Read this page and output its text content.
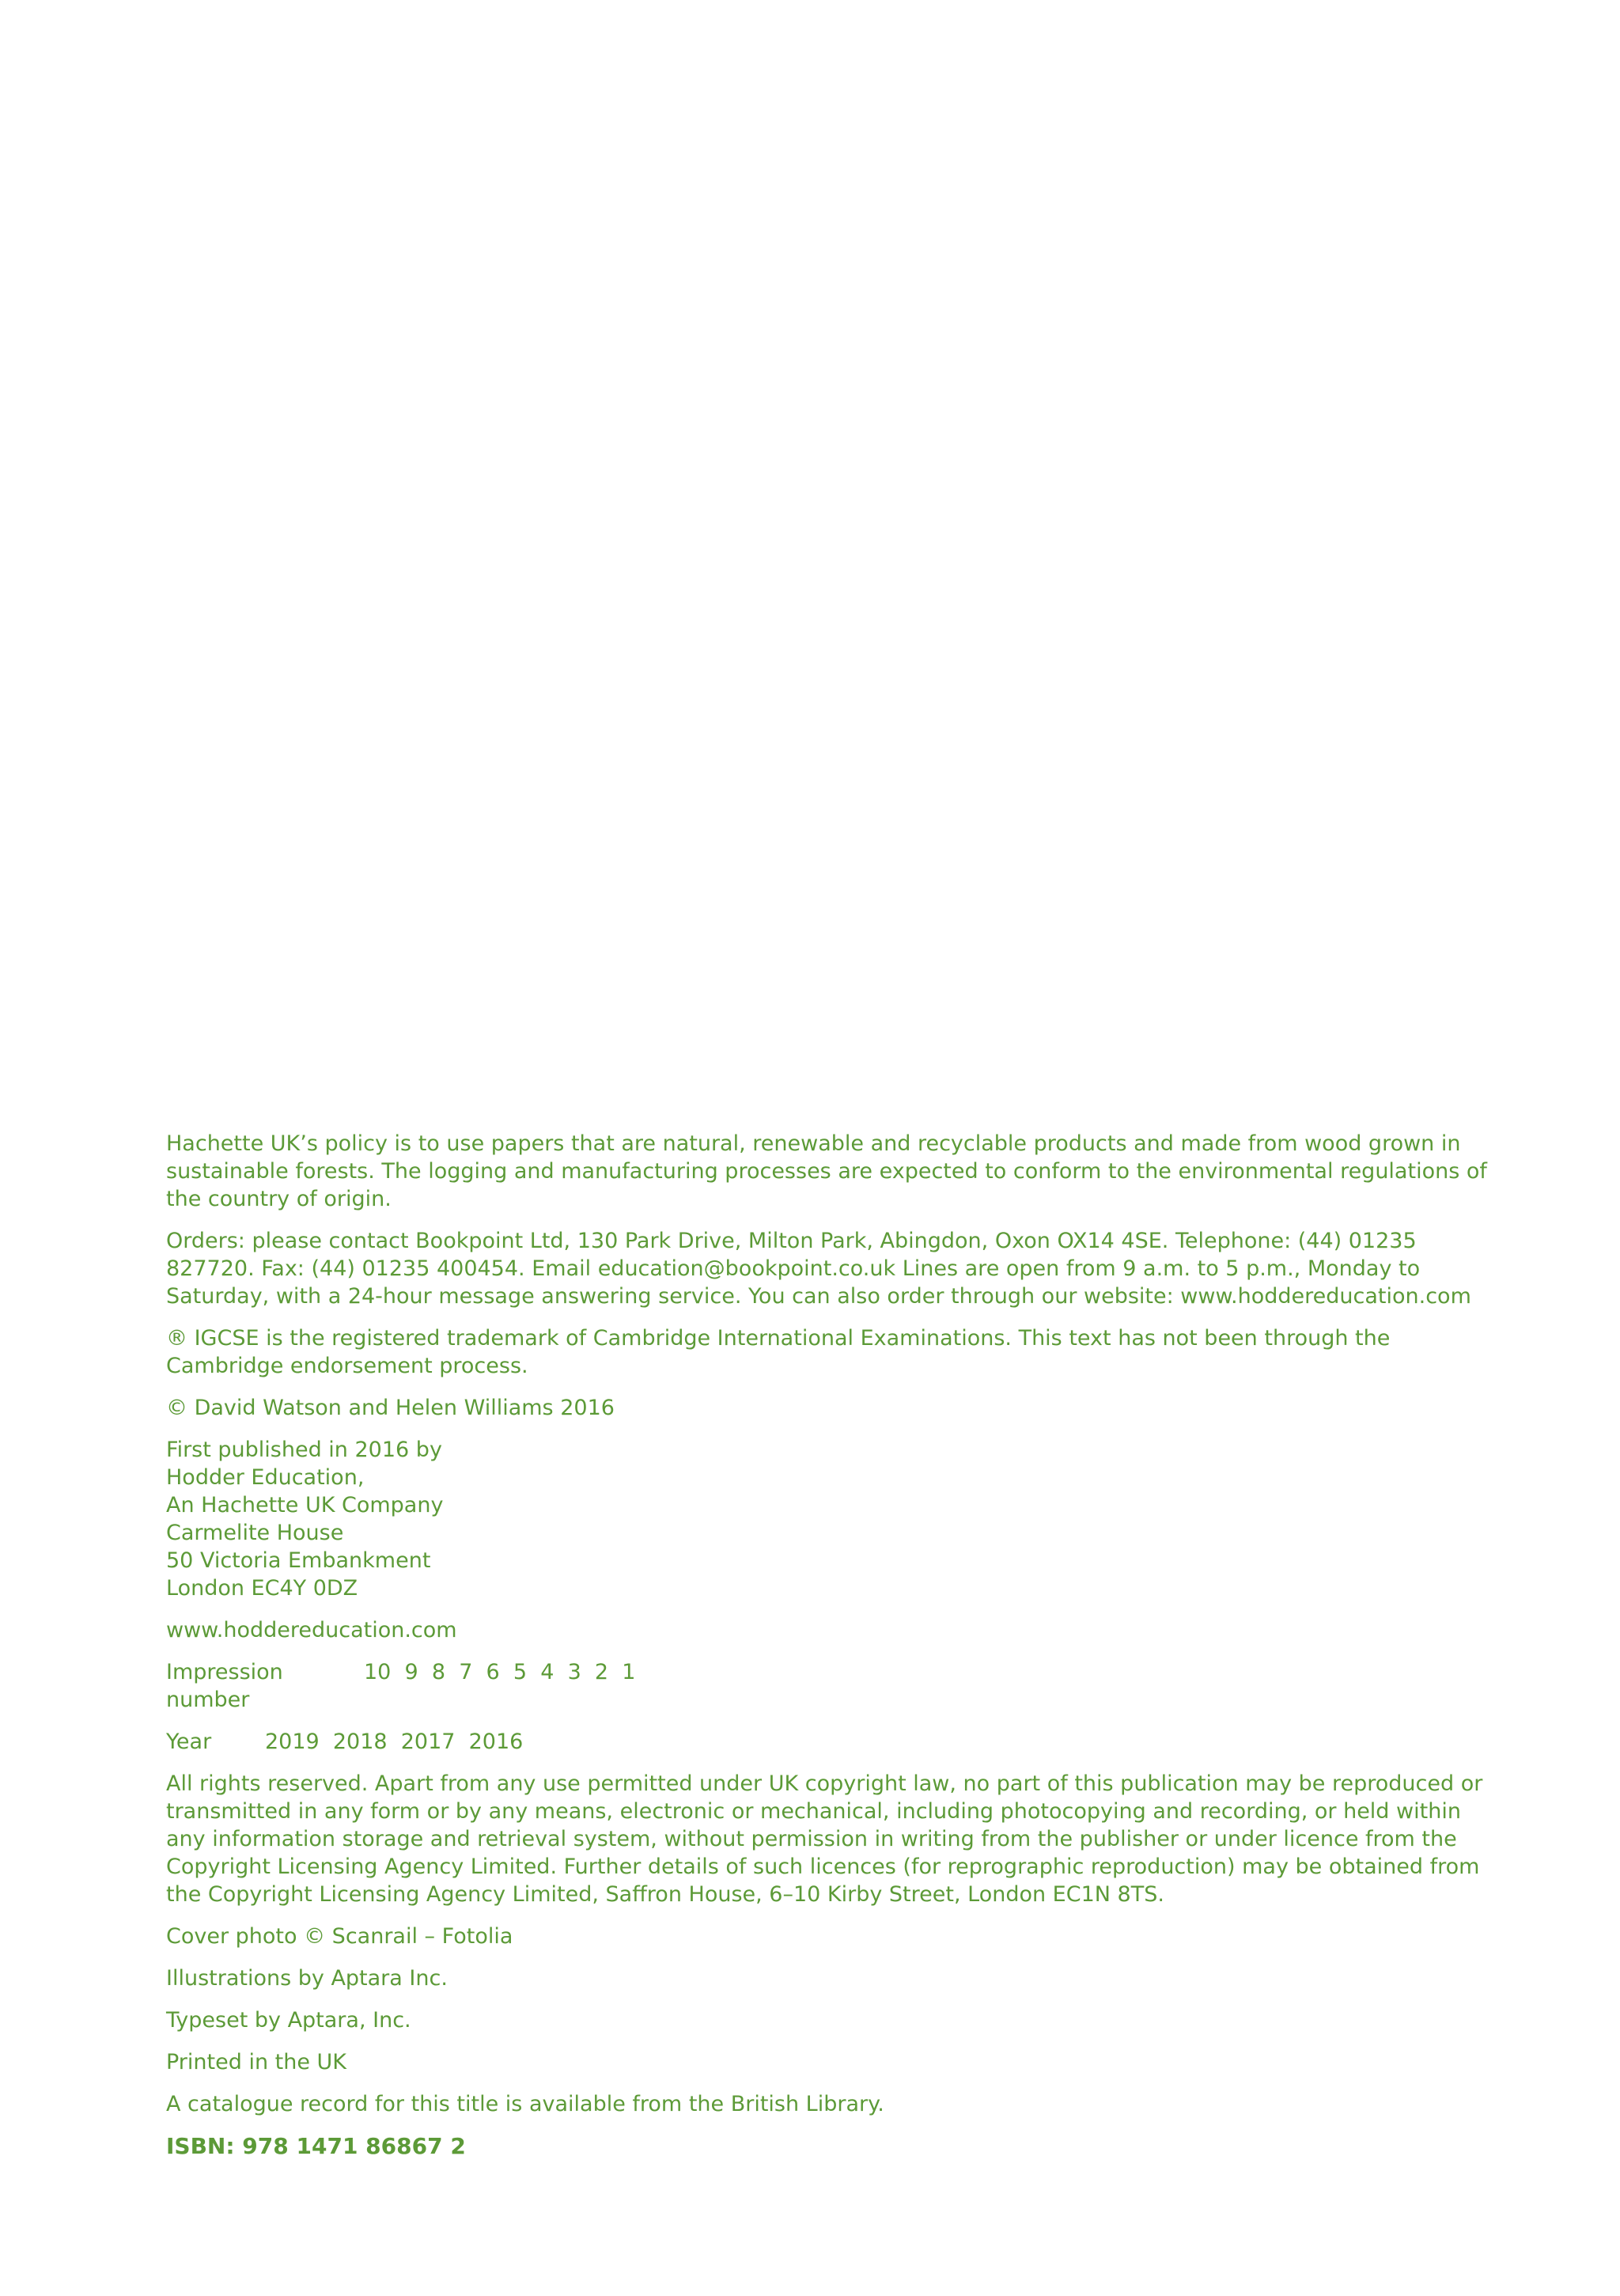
Hachette UK’s policy is to use papers that are natural, renewable and recyclable products and made from wood grown in sustainable forests. The logging and manufacturing processes are expected to conform to the environmental regulations of the country of origin.

Orders: please contact Bookpoint Ltd, 130 Park Drive, Milton Park, Abingdon, Oxon OX14 4SE. Telephone: (44) 01235 827720. Fax: (44) 01235 400454. Email education@bookpoint.co.uk Lines are open from 9 a.m. to 5 p.m., Monday to Saturday, with a 24-hour message answering service. You can also order through our website: www.hoddereducation.com

® IGCSE is the registered trademark of Cambridge International Examinations. This text has not been through the Cambridge endorsement process.

© David Watson and Helen Williams 2016

First published in 2016 by
Hodder Education,
An Hachette UK Company
Carmelite House
50 Victoria Embankment
London EC4Y 0DZ

www.hoddereducation.com

Impression number
10  9  8  7  6  5  4  3  2  1
Year	2019  2018  2017  2016

All rights reserved. Apart from any use permitted under UK copyright law, no part of this publication may be reproduced or transmitted in any form or by any means, electronic or mechanical, including photocopying and recording, or held within any information storage and retrieval system, without permission in writing from the publisher or under licence from the Copyright Licensing Agency Limited. Further details of such licences (for reprographic reproduction) may be obtained from the Copyright Licensing Agency Limited, Saffron House, 6–10 Kirby Street, London EC1N 8TS.

Cover photo © Scanrail – Fotolia

Illustrations by Aptara Inc.

Typeset by Aptara, Inc.

Printed in the UK

A catalogue record for this title is available from the British Library.

ISBN: 978 1471 86867 2
